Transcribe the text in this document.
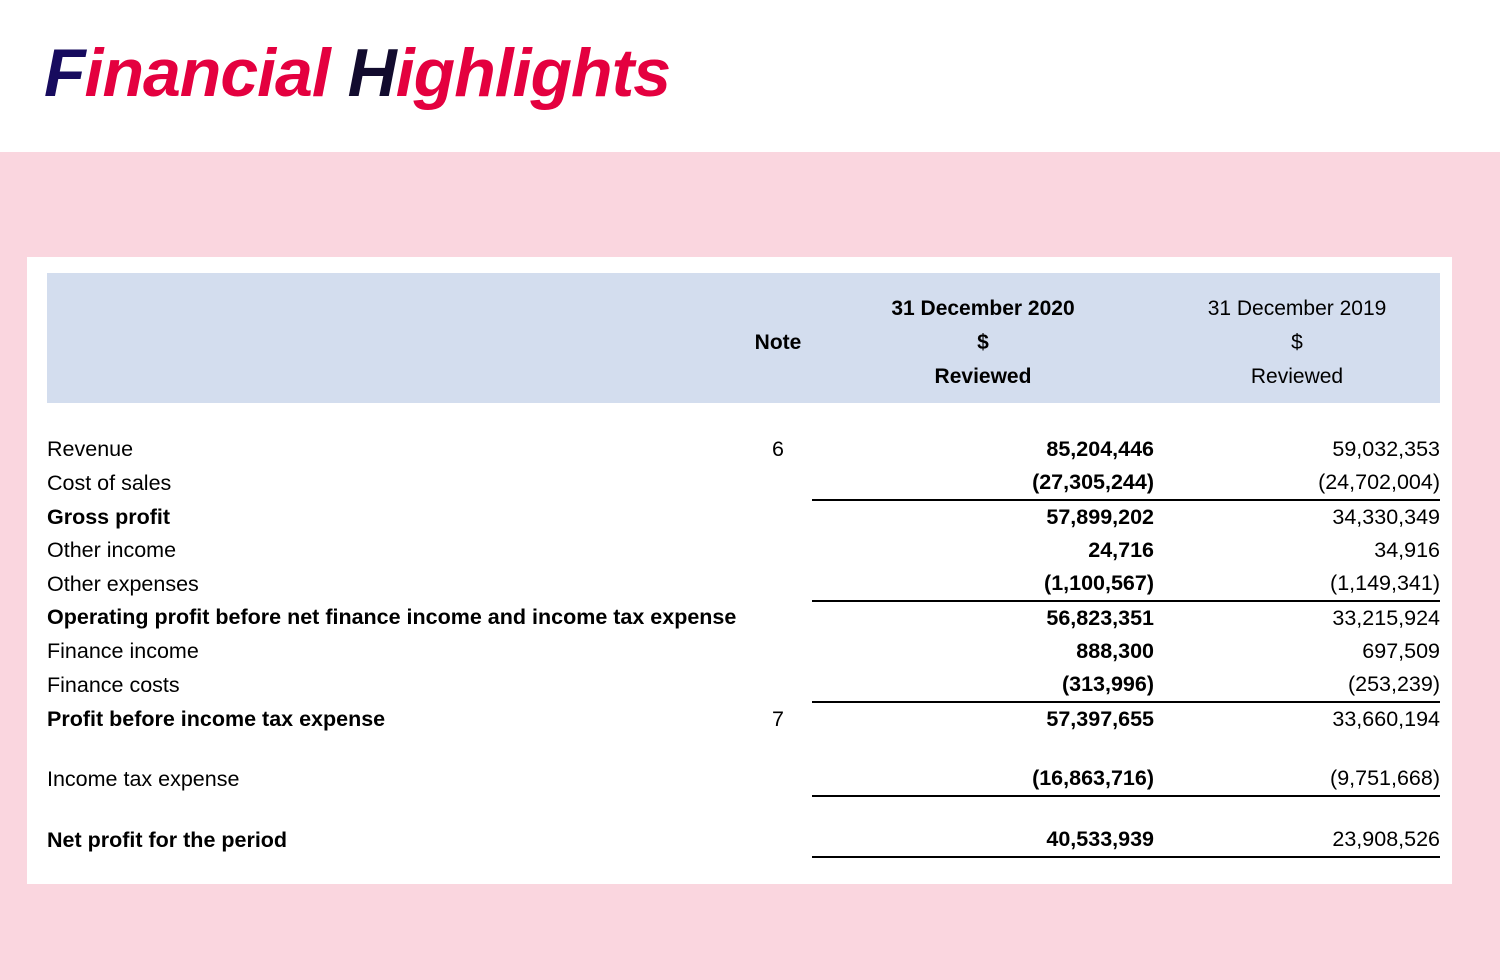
Financial Highlights
		31 December 2020	31 December 2019
	Note	$	$
		Reviewed	Reviewed

Revenue	6	85,204,446	59,032,353
Cost of sales		(27,305,244)	(24,702,004)
Gross profit		57,899,202	34,330,349
Other income		24,716	34,916
Other expenses		(1,100,567)	(1,149,341)
Operating profit before net finance income and income tax expense		56,823,351	33,215,924
Finance income		888,300	697,509
Finance costs		(313,996)	(253,239)
Profit before income tax expense	7	57,397,655	33,660,194

Income tax expense		(16,863,716)	(9,751,668)

Net profit for the period		40,533,939	23,908,526
